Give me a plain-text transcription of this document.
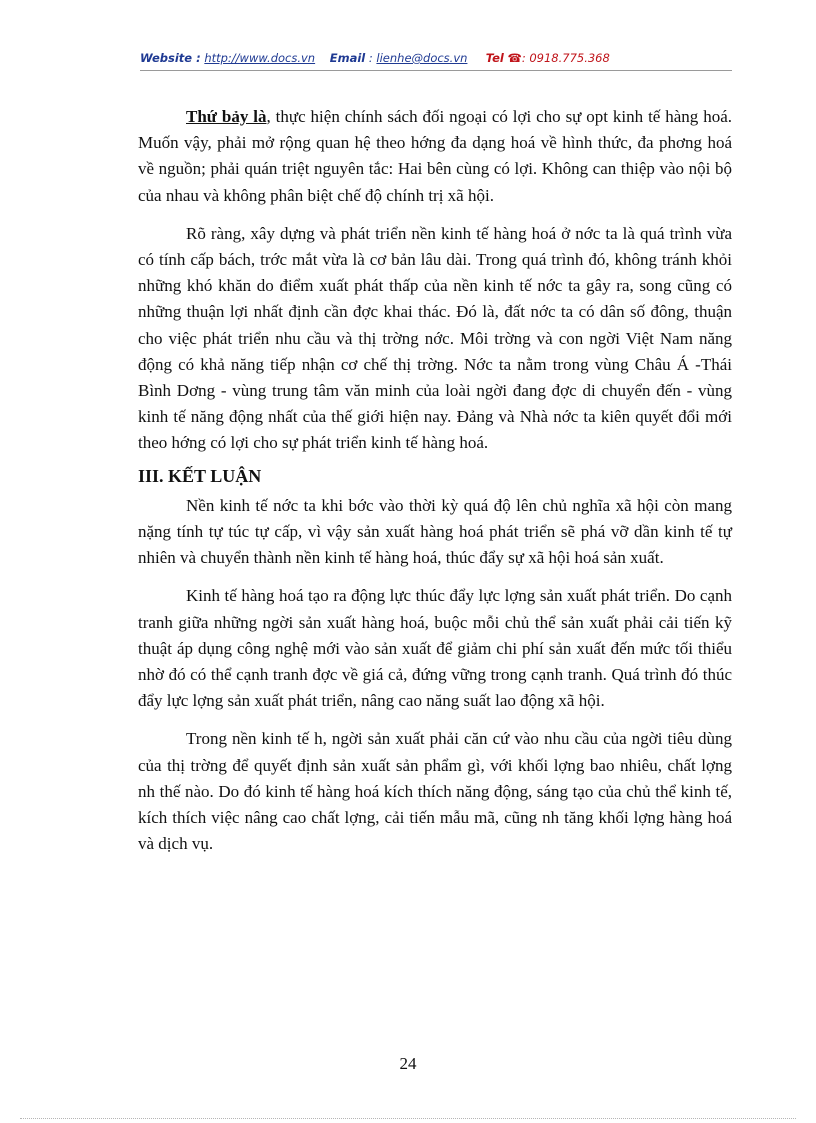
Website : http://www.docs.vn Email : lienhe@docs.vn Tel ☎: 0918.775.368

Thứ bảy là, thực hiện chính sách đối ngoại có lợi cho sự opt kinh tế hàng hoá. Muốn vậy, phải mở rộng quan hệ theo hớng đa dạng hoá về hình thức, đa phơng hoá về nguồn; phải quán triệt nguyên tắc: Hai bên cùng có lợi. Không can thiệp vào nội bộ của nhau và không phân biệt chế độ chính trị xã hội.

Rõ ràng, xây dựng và phát triển nền kinh tế hàng hoá ở nớc ta là quá trình vừa có tính cấp bách, trớc mắt vừa là cơ bản lâu dài. Trong quá trình đó, không tránh khỏi những khó khăn do điểm xuất phát thấp của nền kinh tế nớc ta gây ra, song cũng có những thuận lợi nhất định cần đợc khai thác. Đó là, đất nớc ta có dân số đông, thuận cho việc phát triển nhu cầu và thị trờng nớc. Môi trờng và con ngời Việt Nam năng động có khả năng tiếp nhận cơ chế thị trờng. Nớc ta nằm trong vùng Châu Á -Thái Bình Dơng - vùng trung tâm văn minh của loài ngời đang đợc di chuyển đến - vùng kinh tế năng động nhất của thế giới hiện nay. Đảng và Nhà nớc ta kiên quyết đổi mới theo hớng có lợi cho sự phát triển kinh tế hàng hoá.

III. KẾT LUẬN

Nền kinh tế nớc ta khi bớc vào thời kỳ quá độ lên chủ nghĩa xã hội còn mang nặng tính tự túc tự cấp, vì vậy sản xuất hàng hoá phát triển sẽ phá vỡ dần kinh tế tự nhiên và chuyển thành nền kinh tế hàng hoá, thúc đẩy sự xã hội hoá sản xuất.

Kinh tế hàng hoá tạo ra động lực thúc đẩy lực lợng sản xuất phát triển. Do cạnh tranh giữa những ngời sản xuất hàng hoá, buộc mỗi chủ thể sản xuất phải cải tiến kỹ thuật áp dụng công nghệ mới vào sản xuất để giảm chi phí sản xuất đến mức tối thiểu nhờ đó có thể cạnh tranh đợc về giá cả, đứng vững trong cạnh tranh. Quá trình đó thúc đẩy lực lợng sản xuất phát triển, nâng cao năng suất lao động xã hội.

Trong nền kinh tế h, ngời sản xuất phải căn cứ vào nhu cầu của ngời tiêu dùng của thị trờng để quyết định sản xuất sản phẩm gì, với khối lợng bao nhiêu, chất lợng nh thế nào. Do đó kinh tế hàng hoá kích thích năng động, sáng tạo của chủ thể kinh tế, kích thích việc nâng cao chất lợng, cải tiến mẫu mã, cũng nh tăng khối lợng hàng hoá và dịch vụ.

24
